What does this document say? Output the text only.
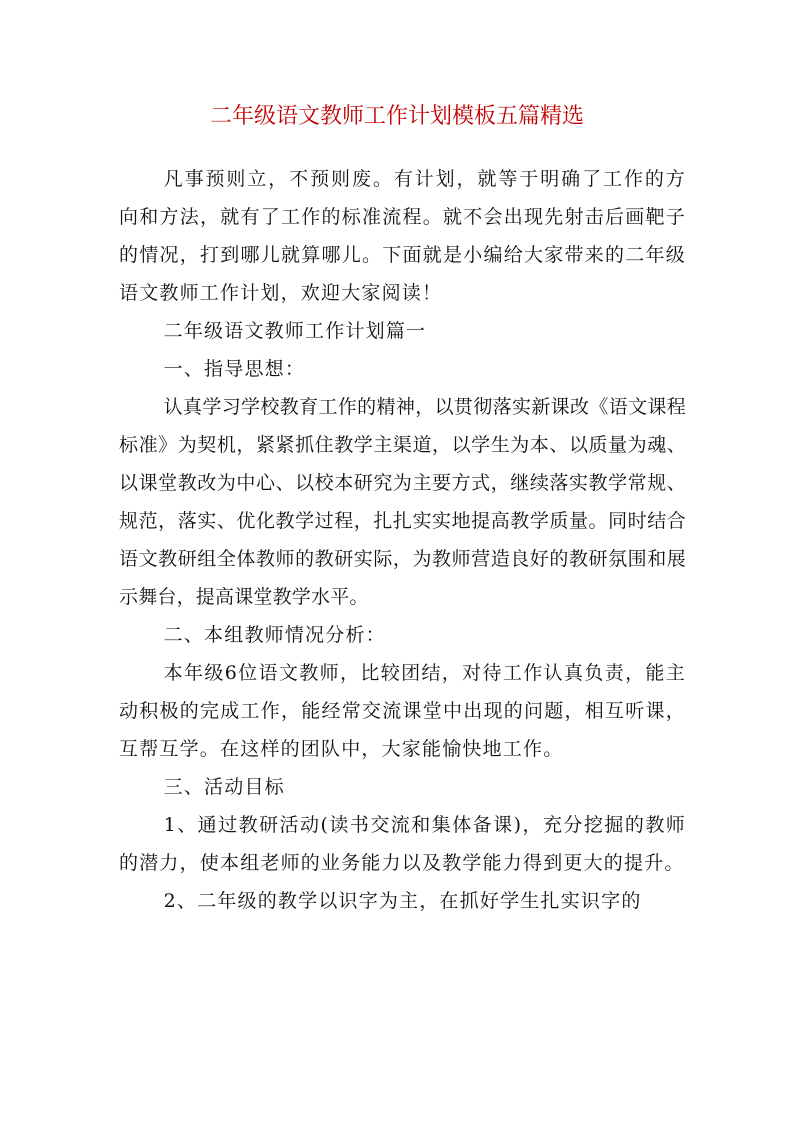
二年级语文教师工作计划模板五篇精选

凡事预则立，不预则废。有计划，就等于明确了工作的方向和方法，就有了工作的标准流程。就不会出现先射击后画靶子的情况，打到哪儿就算哪儿。下面就是小编给大家带来的二年级语文教师工作计划，欢迎大家阅读！

二年级语文教师工作计划篇一

一、指导思想：

认真学习学校教育工作的精神，以贯彻落实新课改《语文课程标准》为契机，紧紧抓住教学主渠道，以学生为本、以质量为魂、以课堂教改为中心、以校本研究为主要方式，继续落实教学常规、规范，落实、优化教学过程，扎扎实实地提高教学质量。同时结合语文教研组全体教师的教研实际，为教师营造良好的教研氛围和展示舞台，提高课堂教学水平。

二、本组教师情况分析：

本年级6位语文教师，比较团结，对待工作认真负责，能主动积极的完成工作，能经常交流课堂中出现的问题，相互听课，互帮互学。在这样的团队中，大家能愉快地工作。

三、活动目标

1、通过教研活动(读书交流和集体备课)，充分挖掘的教师的潜力，使本组老师的业务能力以及教学能力得到更大的提升。

2、二年级的教学以识字为主，在抓好学生扎实识字的
